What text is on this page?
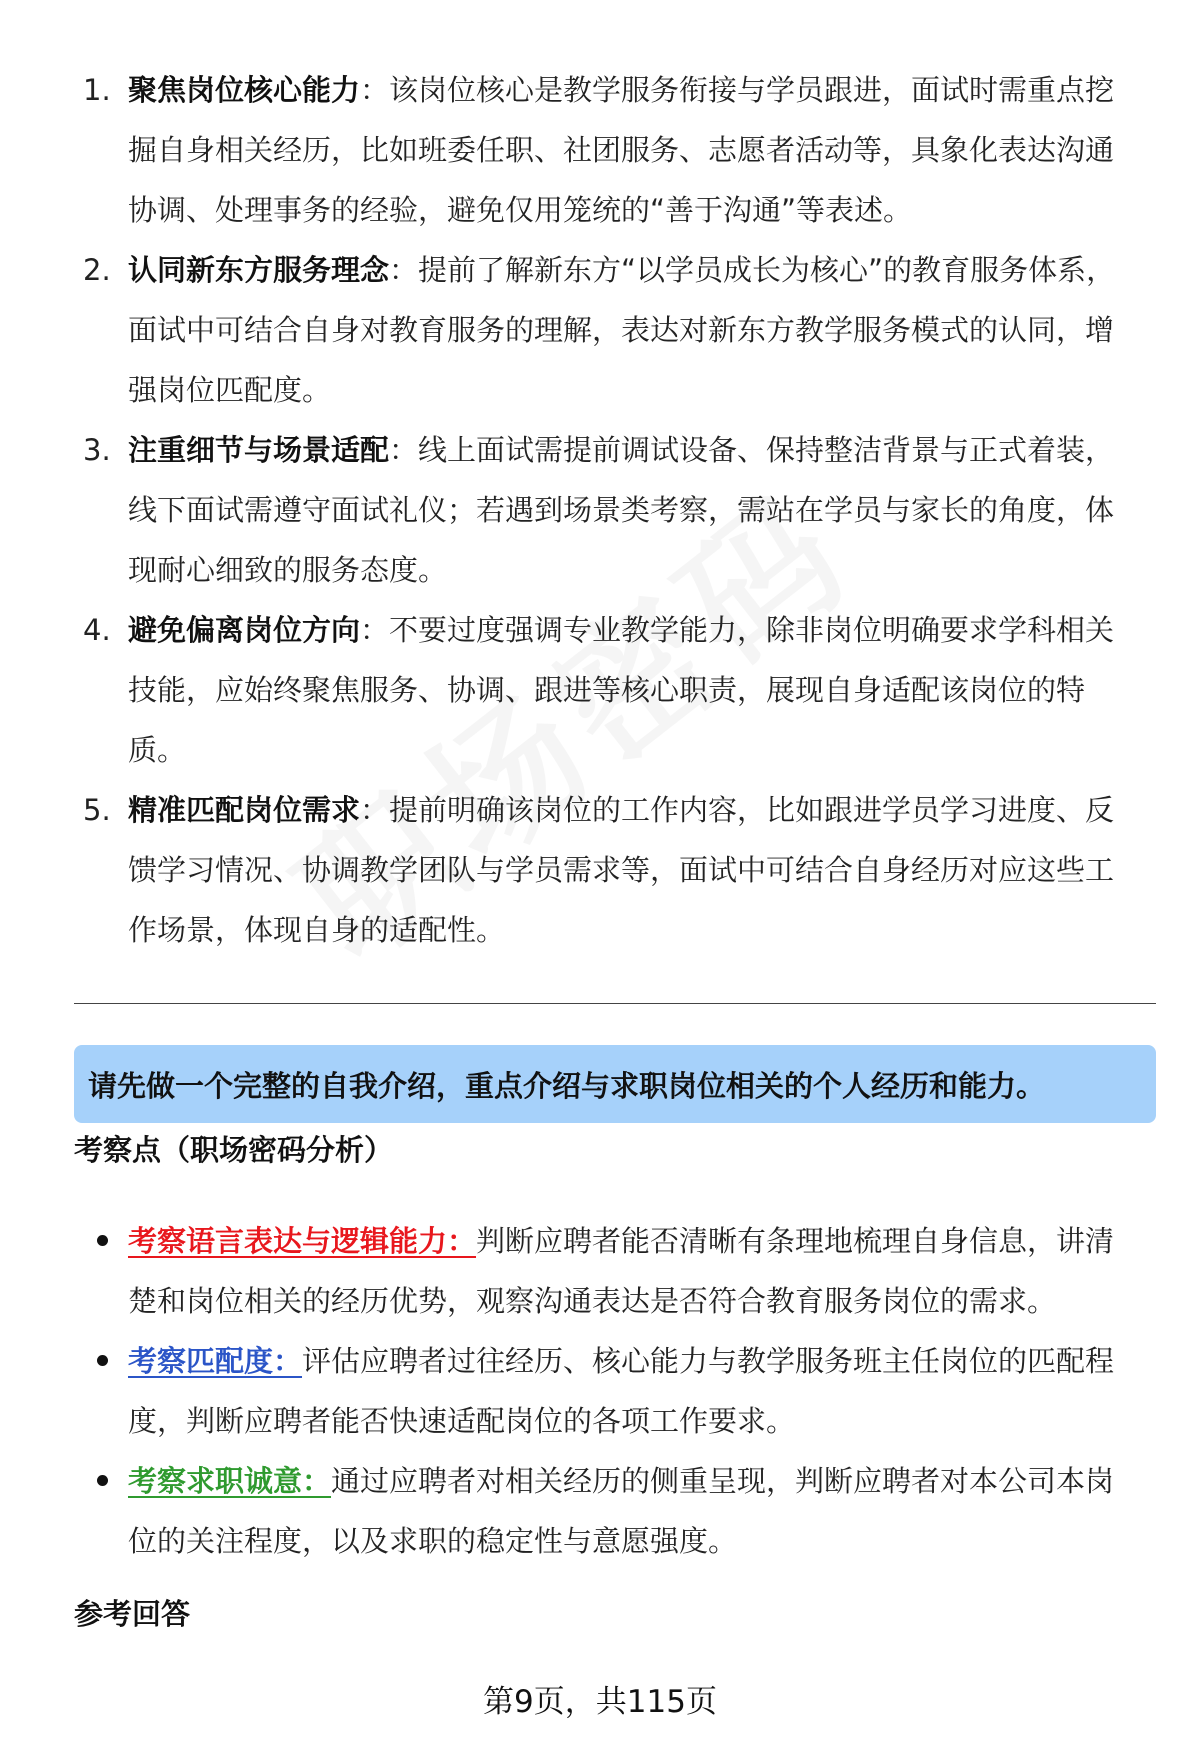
1. 聚焦岗位核心能力：该岗位核心是教学服务衔接与学员跟进，面试时需重点挖掘自身相关经历，比如班委任职、社团服务、志愿者活动等，具象化表达沟通协调、处理事务的经验，避免仅用笼统的“善于沟通”等表述。
2. 认同新东方服务理念：提前了解新东方“以学员成长为核心”的教育服务体系，面试中可结合自身对教育服务的理解，表达对新东方教学服务模式的认同，增强岗位匹配度。
3. 注重细节与场景适配：线上面试需提前调试设备、保持整洁背景与正式着装，线下面试需遵守面试礼仪；若遇到场景类考察，需站在学员与家长的角度，体现耐心细致的服务态度。
4. 避免偏离岗位方向：不要过度强调专业教学能力，除非岗位明确要求学科相关技能，应始终聚焦服务、协调、跟进等核心职责，展现自身适配该岗位的特质。
5. 精准匹配岗位需求：提前明确该岗位的工作内容，比如跟进学员学习进度、反馈学习情况、协调教学团队与学员需求等，面试中可结合自身经历对应这些工作场景，体现自身的适配性。
请先做一个完整的自我介绍，重点介绍与求职岗位相关的个人经历和能力。
考察点（职场密码分析）
考察语言表达与逻辑能力：判断应聘者能否清晰有条理地梳理自身信息，讲清楚和岗位相关的经历优势，观察沟通表达是否符合教育服务岗位的需求。
考察匹配度：评估应聘者过往经历、核心能力与教学服务班主任岗位的匹配程度，判断应聘者能否快速适配岗位的各项工作要求。
考察求职诚意：通过应聘者对相关经历的侧重呈现，判断应聘者对本公司本岗位的关注程度，以及求职的稳定性与意愿强度。
参考回答
第9页，共115页
